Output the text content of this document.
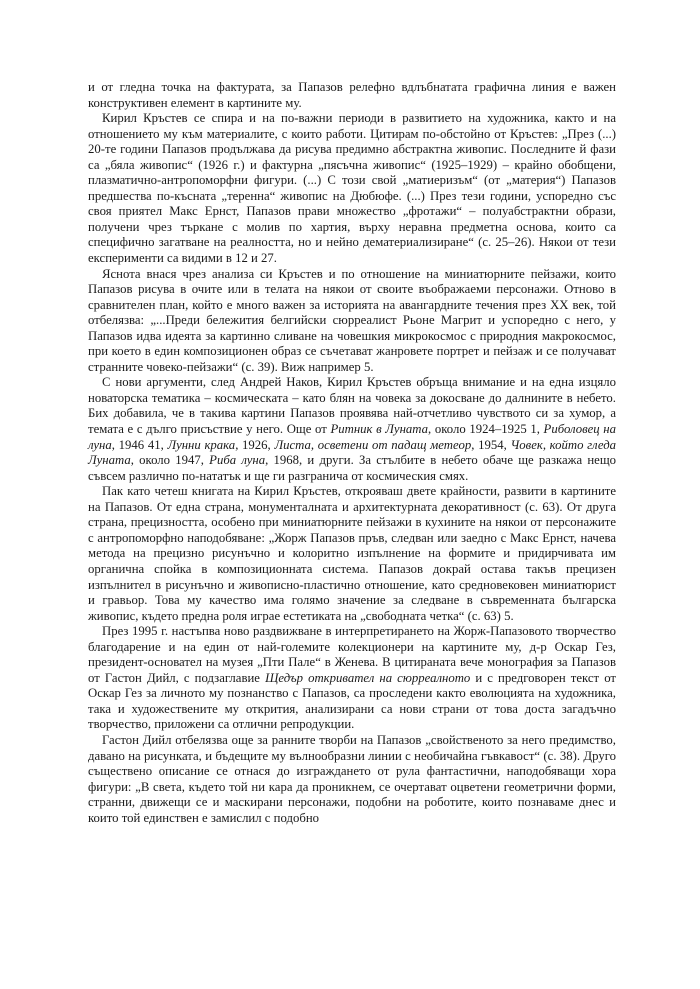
и от гледна точка на фактурата, за Папазов релефно вдлъбнатата графична линия е важен конструктивен елемент в картините му.

Кирил Кръстев се спира и на по-важни периоди в развитието на художника, както и на отношението му към материалите, с които работи. Цитирам по-обстойно от Кръстев: „През (...) 20-те години Папазов продължава да рисува предимно абстрактна живопис. Последните й фази са „бяла живопис“ (1926 г.) и фактурна „пясъчна живопис“ (1925–1929) – крайно обобщени, плазматично-антропоморфни фигури. (...) С този свой „матиеризъм“ (от „материя“) Папазов предшества по-късната „теренна“ живопис на Дюбюфе. (...) През тези години, успоредно със своя приятел Макс Ернст, Папазов прави множество „фротажи“ – полуабстрактни образи, получени чрез търкане с молив по хартия, върху неравна предметна основа, които са специфично загатване на реалността, но и нейно дематериализиране“ (с. 25–26). Някои от тези експерименти са видими в 12 и 27.

Яснота внася чрез анализа си Кръстев и по отношение на миниатюрните пейзажи, които Папазов рисува в очите или в телата на някои от своите въображаеми персонажи. Отново в сравнителен план, който е много важен за историята на авангардните течения през XX век, той отбелязва: „...Преди бележития белгийски сюрреалист Рьоне Магрит и успоредно с него, у Папазов идва идеята за картинно сливане на човешкия микрокосмос с природния макрокосмос, при което в един композиционен образ се съчетават жанровете портрет и пейзаж и се получават странните човеко-пейзажи“ (с. 39). Виж например 5.

С нови аргументи, след Андрей Наков, Кирил Кръстев обръща внимание и на една изцяло новаторска тематика – космическата – като блян на човека за докосване до далнините в небето. Бих добавила, че в такива картини Папазов проявява най-отчетливо чувството си за хумор, а темата е с дълго присъствие у него. Още от Ритник в Луната, около 1924–1925 1, Риболовец на луна, 1946 41, Лунни крака, 1926, Листа, осветени от падащ метеор, 1954, Човек, който гледа Луната, около 1947, Риба луна, 1968, и други. За стълбите в небето обаче ще разкажа нещо съвсем различно по-нататък и ще ги разгранича от космическия смях.

Пак като четеш книгата на Кирил Кръстев, открояваш двете крайности, развити в картините на Папазов. От една страна, монументалната и архитектурната декоративност (с. 63). От друга страна, прецизността, особено при миниатюрните пейзажи в кухините на някои от персонажите с антропоморфно наподобяване: „Жорж Папазов пръв, следван или заедно с Макс Ернст, начева метода на прецизно рисунъчно и колоритно изпълнение на формите и придирчивата им органична спойка в композиционната система. Папазов докрай остава такъв прецизен изпълнител в рисунъчно и живописно-пластично отношение, като средновековен миниатюрист и гравьор. Това му качество има голямо значение за следване в съвременната българска живопис, където предна роля играе естетиката на „свободната четка“ (с. 63) 5.

През 1995 г. настъпва ново раздвижване в интерпретирането на Жорж-Папазовото творчество благодарение и на един от най-големите колекционери на картините му, д-р Оскар Гез, президент-основател на музея „Пти Пале“ в Женева. В цитираната вече монография за Папазов от Гастон Дийл, с подзаглавие Щедър откривател на сюрреалното и с предговорен текст от Оскар Гез за личното му познанство с Папазов, са проследени както еволюцията на художника, така и художествените му открития, анализирани са нови страни от това доста загадъчно творчество, приложени са отлични репродукции.

Гастон Дийл отбелязва още за ранните творби на Папазов „свойственото за него предимство, давано на рисунката, и бъдещите му вълнообразни линии с необичайна гъвкавост“ (с. 38). Друго съществено описание се отнася до изграждането от рула фантастични, наподобяващи хора фигури: „В света, където той ни кара да проникнем, се очертават оцветени геометрични форми, странни, движещи се и маскирани персонажи, подобни на роботите, които познаваме днес и които той единствен е замислил с подобно
